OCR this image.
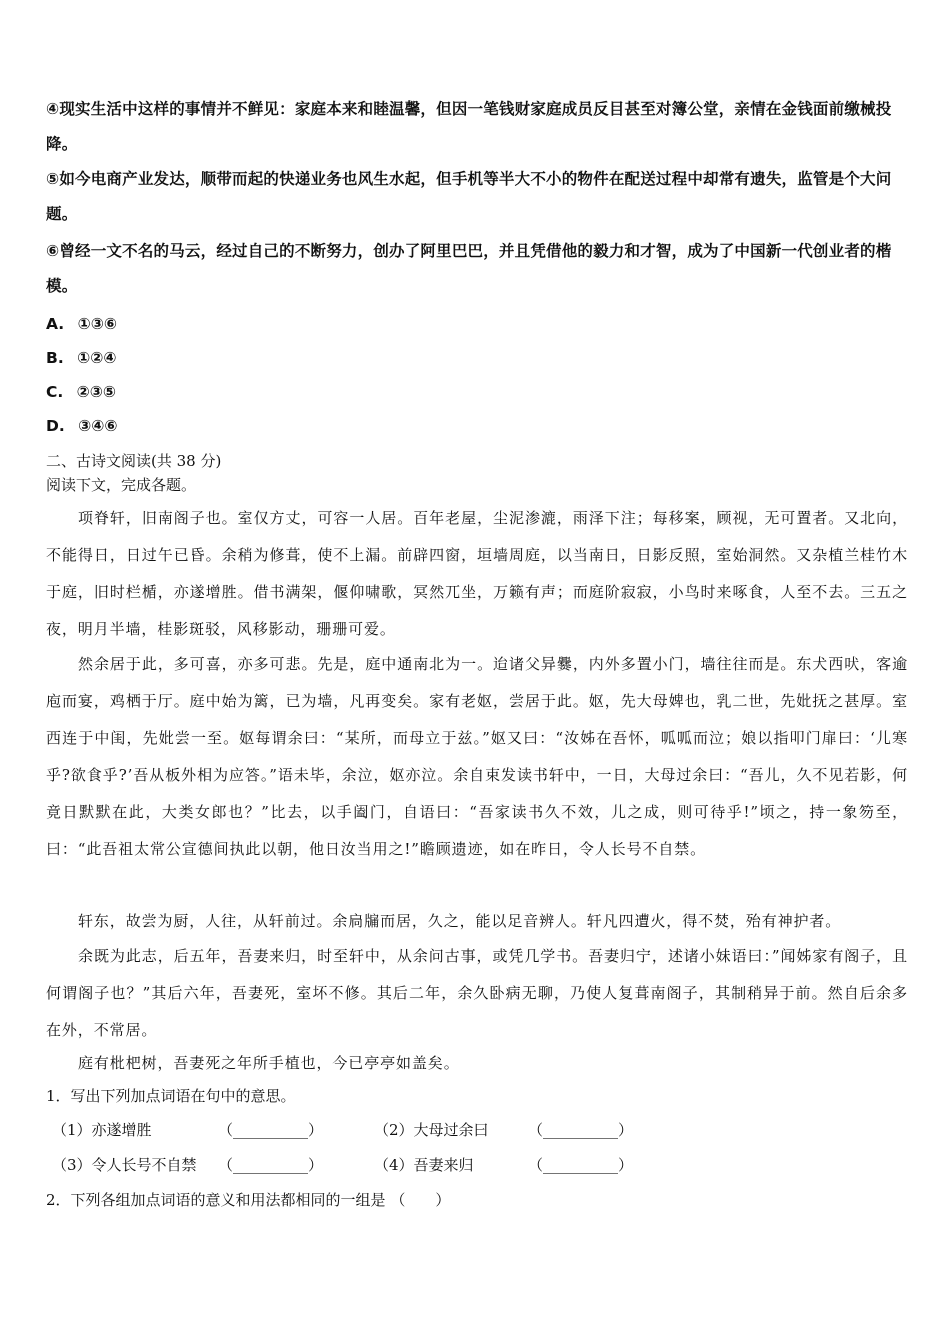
④现实生活中这样的事情并不鲜见：家庭本来和睦温馨，但因一笔钱财家庭成员反目甚至对簿公堂，亲情在金钱面前缴械投降。
⑤如今电商产业发达，顺带而起的快递业务也风生水起，但手机等半大不小的物件在配送过程中却常有遗失，监管是个大问题。
⑥曾经一文不名的马云，经过自己的不断努力，创办了阿里巴巴，并且凭借他的毅力和才智，成为了中国新一代创业者的楷模。
A. ①③⑥
B. ①②④
C. ②③⑤
D. ③④⑥
二、古诗文阅读(共 38 分)
阅读下文，完成各题。
项脊轩，旧南阁子也。室仅方丈，可容一人居。百年老屋，尘泥渗漉，雨泽下注；每移案，顾视，无可置者。又北向，不能得日，日过午已昏。余稍为修葺，使不上漏。前辟四窗，垣墙周庭，以当南日，日影反照，室始洞然。又杂植兰桂竹木于庭，旧时栏楯，亦遂增胜。借书满架，偃仰啸歌，冥然兀坐，万籁有声；而庭阶寂寂，小鸟时来啄食，人至不去。三五之夜，明月半墙，桂影斑驳，风移影动，珊珊可爱。
然余居于此，多可喜，亦多可悲。先是，庭中通南北为一。迨诸父异爨，内外多置小门，墙往往而是。东犬西吠，客逾庖而宴，鸡栖于厅。庭中始为篱，已为墙，凡再变矣。家有老妪，尝居于此。妪，先大母婢也，乳二世，先妣抚之甚厚。室西连于中闺，先妣尝一至。妪每谓余曰：“某所，而母立于兹。”妪又曰：“汝姊在吾怀，呱呱而泣；娘以指叩门扉曰：‘儿寒乎?欲食乎?’吾从板外相为应答。”语未毕，余泣，妪亦泣。余自束发读书轩中，一日，大母过余曰：“吾儿，久不见若影，何竟日默默在此，大类女郎也？”比去，以手阖门，自语曰：“吾家读书久不效，儿之成，则可待乎!”顷之，持一象笏至，曰：“此吾祖太常公宣德间执此以朝，他日汝当用之!”瞻顾遗迹，如在昨日，令人长号不自禁。
轩东，故尝为厨，人往，从轩前过。余扃牖而居，久之，能以足音辨人。轩凡四遭火，得不焚，殆有神护者。
余既为此志，后五年，吾妻来归，时至轩中，从余问古事，或凭几学书。吾妻归宁，述诸小妹语曰：”闻姊家有阁子，且何谓阁子也？”其后六年，吾妻死，室坏不修。其后二年，余久卧病无聊，乃使人复葺南阁子，其制稍异于前。然自后余多在外，不常居。
庭有枇杷树，吾妻死之年所手植也，今已亭亭如盖矣。
1．写出下列加点词语在句中的意思。
（1）亦遂增胜	（__________）	（2）大母过余曰	（__________）
（3）令人长号不自禁 （__________）	（4）吾妻来归	（__________）
2．下列各组加点词语的意义和用法都相同的一组是 （　　）
